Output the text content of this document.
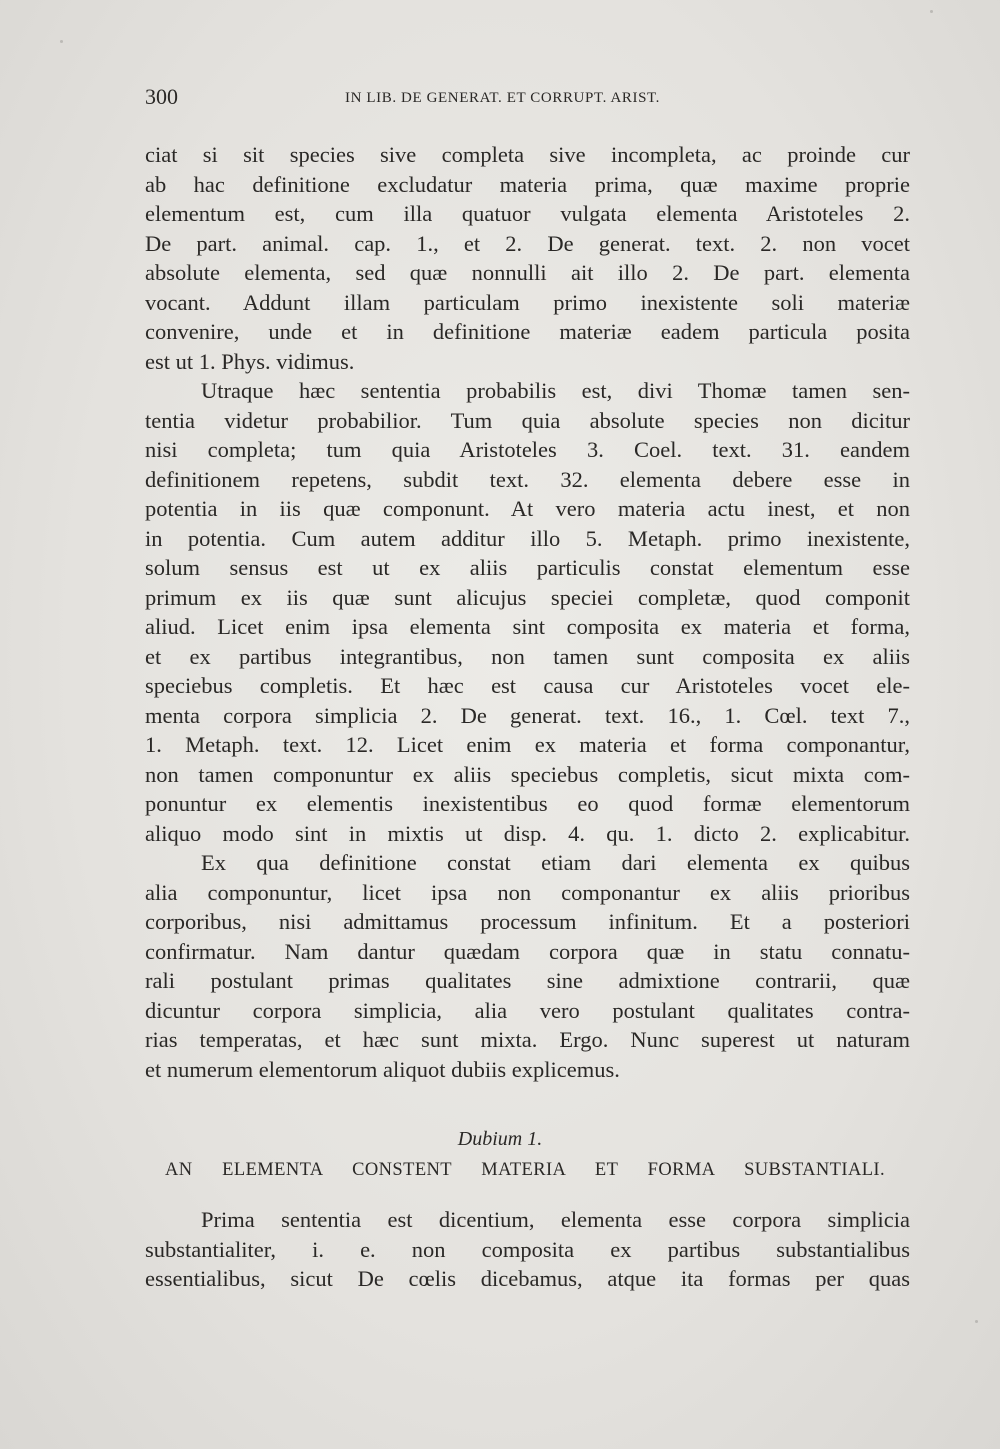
300	IN LIB. DE GENERAT. ET CORRUPT. ARIST.
ciat si sit species sive completa sive incompleta, ac proinde cur
ab hac definitione excludatur materia prima, quæ maxime proprie
elementum est, cum illa quatuor vulgata elementa Aristoteles 2.
De part. animal. cap. 1., et 2. De generat. text. 2. non vocet
absolute elementa, sed quæ nonnulli ait illo 2. De part. elementa
vocant. Addunt illam particulam primo inexistente soli materiæ
convenire, unde et in definitione materiæ eadem particula posita
est ut 1. Phys. vidimus.
Utraque hæc sententia probabilis est, divi Thomæ tamen sen-
tentia videtur probabilior. Tum quia absolute species non dicitur
nisi completa; tum quia Aristoteles 3. Coel. text. 31. eandem
definitionem repetens, subdit text. 32. elementa debere esse in
potentia in iis quæ componunt. At vero materia actu inest, et non
in potentia. Cum autem additur illo 5. Metaph. primo inexistente,
solum sensus est ut ex aliis particulis constat elementum esse
primum ex iis quæ sunt alicujus speciei completæ, quod componit
aliud. Licet enim ipsa elementa sint composita ex materia et forma,
et ex partibus integrantibus, non tamen sunt composita ex aliis
speciebus completis. Et hæc est causa cur Aristoteles vocet ele-
menta corpora simplicia 2. De generat. text. 16., 1. Cœl. text 7.,
1. Metaph. text. 12. Licet enim ex materia et forma componantur,
non tamen componuntur ex aliis speciebus completis, sicut mixta com-
ponuntur ex elementis inexistentibus eo quod formæ elementorum
aliquo modo sint in mixtis ut disp. 4. qu. 1. dicto 2. explicabitur.
Ex qua definitione constat etiam dari elementa ex quibus
alia componuntur, licet ipsa non componantur ex aliis prioribus
corporibus, nisi admittamus processum infinitum. Et a posteriori
confirmatur. Nam dantur quædam corpora quæ in statu connatu-
rali postulant primas qualitates sine admixtione contrarii, quæ
dicuntur corpora simplicia, alia vero postulant qualitates contra-
rias temperatas, et hæc sunt mixta. Ergo. Nunc superest ut naturam
et numerum elementorum aliquot dubiis explicemus.
Dubium 1.
AN ELEMENTA CONSTENT MATERIA ET FORMA SUBSTANTIALI.
Prima sententia est dicentium, elementa esse corpora simplicia
substantialiter, i. e. non composita ex partibus substantialibus
essentialibus, sicut De cœlis dicebamus, atque ita formas per quas
